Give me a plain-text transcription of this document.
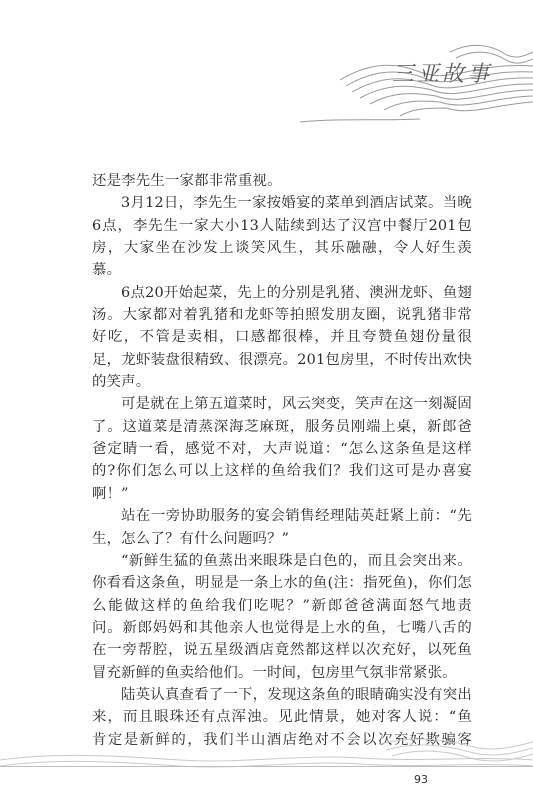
三亚故事
还是李先生一家都非常重视。
3月12日，李先生一家按婚宴的菜单到酒店试菜。当晚
6点，李先生一家大小13人陆续到达了汉宫中餐厅201包
房，大家坐在沙发上谈笑风生，其乐融融，令人好生羡
慕。
6点20开始起菜，先上的分别是乳猪、澳洲龙虾、鱼翅
汤。大家都对着乳猪和龙虾等拍照发朋友圈，说乳猪非常
好吃，不管是卖相，口感都很棒，并且夸赞鱼翅份量很
足，龙虾装盘很精致、很漂亮。201包房里，不时传出欢快
的笑声。
可是就在上第五道菜时，风云突变，笑声在这一刻凝固
了。这道菜是清蒸深海芝麻斑，服务员刚端上桌，新郎爸
爸定睛一看，感觉不对，大声说道：“怎么这条鱼是这样
的?你们怎么可以上这样的鱼给我们？我们这可是办喜宴
啊！”
站在一旁协助服务的宴会销售经理陆英赶紧上前：“先
生，怎么了？有什么问题吗？”
“新鲜生猛的鱼蒸出来眼珠是白色的，而且会突出来。
你看看这条鱼，明显是一条上水的鱼(注：指死鱼)，你们怎
么能做这样的鱼给我们吃呢？”新郎爸爸满面怒气地责
问。新郎妈妈和其他亲人也觉得是上水的鱼，七嘴八舌的
在一旁帮腔，说五星级酒店竟然都这样以次充好，以死鱼
冒充新鲜的鱼卖给他们。一时间，包房里气氛非常紧张。
陆英认真查看了一下，发现这条鱼的眼睛确实没有突出
来，而且眼珠还有点浑浊。见此情景，她对客人说：“鱼
肯定是新鲜的，我们半山酒店绝对不会以次充好欺骗客
93
